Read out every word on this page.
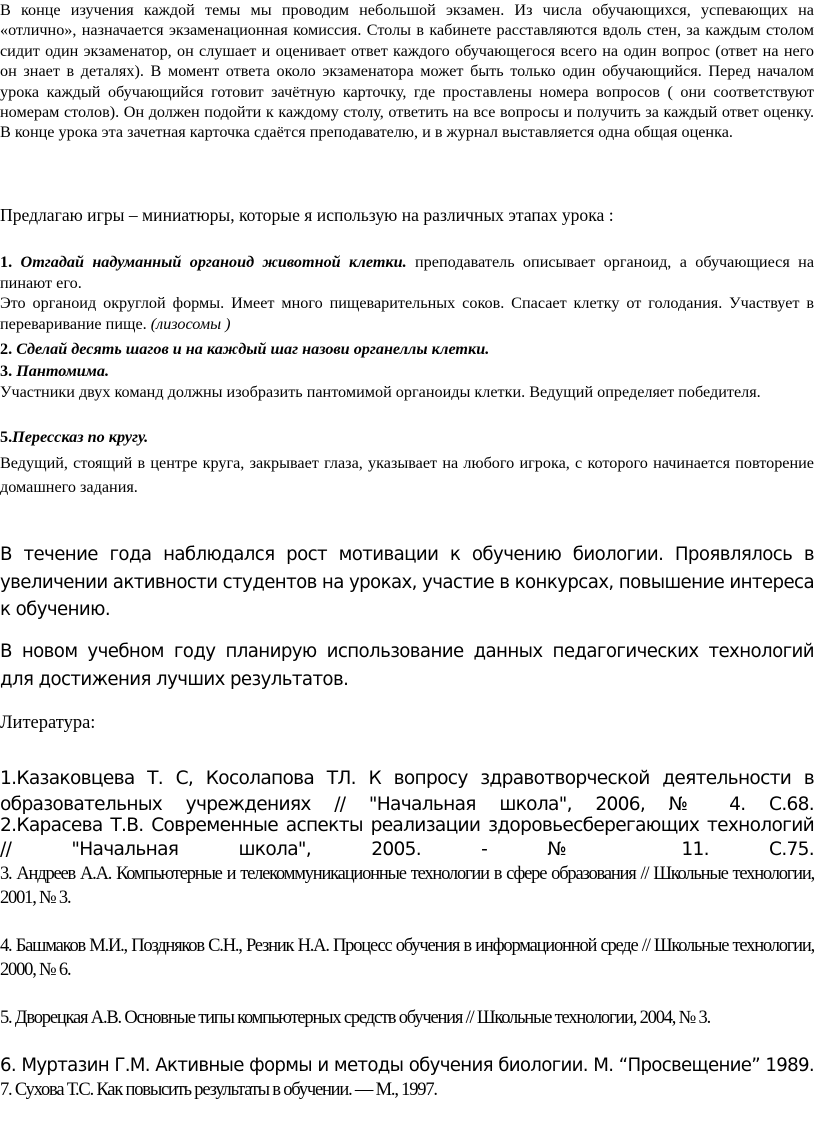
В конце изучения каждой темы мы проводим небольшой экзамен. Из числа обучающихся, успевающих на «отлично», назначается экзаменационная комиссия. Столы в кабинете расставляются вдоль стен, за каждым столом сидит один экзаменатор, он слушает и оценивает ответ каждого обучающегося всего на один вопрос (ответ на него он знает в деталях). В момент ответа около экзаменатора может быть только один обучающийся. Перед началом урока каждый обучающийся готовит зачётную карточку, где проставлены номера вопросов ( они соответствуют номерам столов). Он должен подойти к каждому столу, ответить на все вопросы и получить за каждый ответ оценку. В конце урока эта зачетная карточка сдаётся преподавателю, и в журнал выставляется одна общая оценка.

Предлагаю игры – миниатюры, которые я использую на различных этапах урока :

1. Отгадай надуманный органоид животной клетки. преподаватель описывает органоид, а обучающиеся на пинают его.

Это органоид округлой формы. Имеет много пищеварительных соков. Спасает клетку от голодания. Участвует в переваривание пище. (лизосомы )

2. Сделай десять шагов и на каждый шаг назови органеллы клетки.

3. Пантомима.

Участники двух команд должны изобразить пантомимой органоиды клетки. Ведущий определяет победителя.

5.Перессказ по кругу.

Ведущий, стоящий в центре круга, закрывает глаза, указывает на любого игрока, с которого начинается повторение домашнего задания.

В течение года наблюдался рост мотивации к обучению биологии. Проявлялось в увеличении активности студентов на уроках, участие в конкурсах, повышение интереса к обучению.

В новом учебном году планирую использование данных педагогических технологий для достижения лучших результатов.

Литература:

1.Казаковцева Т. С, Косолапова ТЛ. К вопросу здравотворческой деятельности в образовательных учреждениях // "Начальная школа", 2006, № 4. С.68.

2.Карасева Т.В. Современные аспекты реализации здоровьесберегающих технологий // "Начальная школа", 2005. - № 11. С.75.

3. Андреев А.А. Компьютерные и телекоммуникационные технологии в сфере образования // Школьные технологии, 2001, № 3.

4. Башмаков М.И., Поздняков С.Н., Резник Н.А. Процесс обучения в информационной среде // Школьные технологии, 2000, № 6.

5. Дворецкая А.В. Основные типы компьютерных средств обучения // Школьные технологии, 2004, № 3.

6. Муртазин Г.М. Активные формы и методы обучения биологии. М. “Просвещение” 1989.

7. Сухова Т.С. Как повысить результаты в обучении. — М., 1997.
